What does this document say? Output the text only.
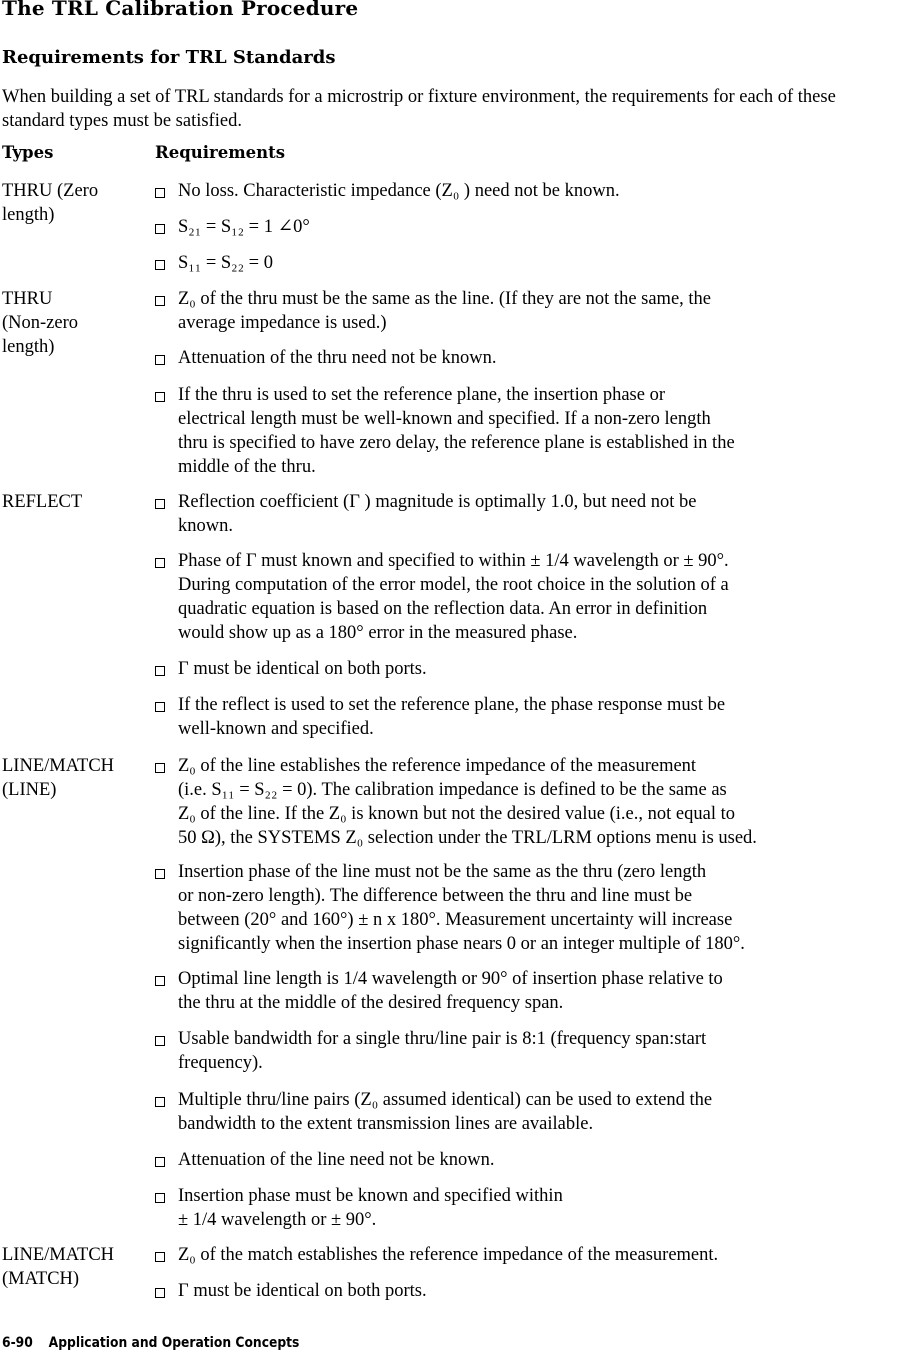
The TRL Calibration Procedure
Requirements for TRL Standards
When building a set of TRL standards for a microstrip or fixture environment, the requirements for each of these standard types must be satisfied.
Types	Requirements
THRU (Zero
length)
THRU
(Non-zero
length)
REFLECT
LINE/MATCH
(LINE)
LINE/MATCH
(MATCH)
No loss. Characteristic impedance (Z₀ ) need not be known.
S₂₁ = S₁₂ = 1 ∠0°
S₁₁ = S₂₂ = 0
Z₀ of the thru must be the same as the line. (If they are not the same, the
average impedance is used.)
Attenuation of the thru need not be known.
If the thru is used to set the reference plane, the insertion phase or
electrical length must be well-known and specified. If a non-zero length
thru is specified to have zero delay, the reference plane is established in the
middle of the thru.
Reflection coefficient (Γ ) magnitude is optimally 1.0, but need not be
known.
Phase of Γ must known and specified to within ± 1/4 wavelength or ± 90°.
During computation of the error model, the root choice in the solution of a
quadratic equation is based on the reflection data. An error in definition
would show up as a 180° error in the measured phase.
Γ must be identical on both ports.
If the reflect is used to set the reference plane, the phase response must be
well-known and specified.
Z₀ of the line establishes the reference impedance of the measurement
(i.e. S₁₁ = S₂₂ = 0). The calibration impedance is defined to be the same as
Z₀ of the line. If the Z₀ is known but not the desired value (i.e., not equal to
50 Ω), the SYSTEMS Z₀ selection under the TRL/LRM options menu is used.
Insertion phase of the line must not be the same as the thru (zero length
or non-zero length). The difference between the thru and line must be
between (20° and 160°) ± n x 180°. Measurement uncertainty will increase
significantly when the insertion phase nears 0 or an integer multiple of 180°.
Optimal line length is 1/4 wavelength or 90° of insertion phase relative to
the thru at the middle of the desired frequency span.
Usable bandwidth for a single thru/line pair is 8:1 (frequency span:start
frequency).
Multiple thru/line pairs (Z₀ assumed identical) can be used to extend the
bandwidth to the extent transmission lines are available.
Attenuation of the line need not be known.
Insertion phase must be known and specified within
± 1/4 wavelength or ± 90°.
Z₀ of the match establishes the reference impedance of the measurement.
Γ must be identical on both ports.
6-90 Application and Operation Concepts
